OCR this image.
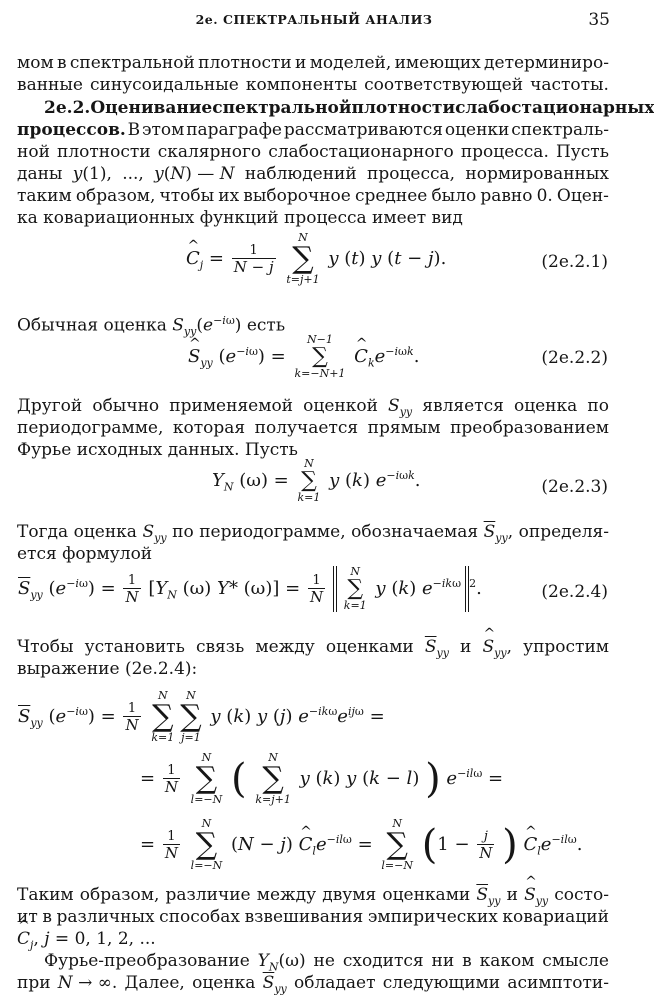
2е. СПЕКТРАЛЬНЫЙ АНАЛИЗ	35
мом в спектральной плотности и моделей, имеющих детерминиро-
ванные синусоидальные компоненты соответствующей частоты.
2е.2. Оценивание спектральной плотности слабостационарных
процессов. В этом параграфе рассматриваются оценки спектраль-
ной плотности скалярного слабостационарного процесса. Пусть
даны y(1), ..., y(N) — N наблюдений процесса, нормированных
таким образом, чтобы их выборочное среднее было равно 0. Оцен-
ка ковариационных функций процесса имеет вид
^ $C_j = \frac{1}{N - j}$

N
∑
t=j+1
y (t) y (t − j).	(2е.2.1)
Обычная оценка $S_{yy}(e^{-i\omega})$ есть
^ $S_{yy}$ $(e^{-i\omega})$ =
N−1
∑
k=−N+1
^ $C_ke^{-i\omega k}$.	(2е.2.2)
Другой обычно применяемой оценкой $S_{yy}$ является оценка по
периодограмме, которая получается прямым преобразованием
Фурье исходных данных. Пусть
$Y_N$ (ω) =
N
∑
k=1
y (k) $e^{-i\omega k}$.	(2е.2.3)
Тогда оценка $S_{yy}$ по периодограмме, обозначаемая $\overline{S}_{yy}$, определя-
ется формулой
$\overline{S}_{yy}$ $(e^{-i\omega}) = \frac{1}{N} [Y_N$ (ω) Y* $(\omega)] = \frac{1}{N}$

N
∑
k=1
y (k) $e^{-ik\omega}$ $^2$.	(2е.2.4)
Чтобы установить связь между оценками $\overline{S}_{yy}$ и ^ $S_{yy}$, упростим
выражение (2е.2.4):
$\overline{S}_{yy}$ $(e^{-i\omega}) = \frac{1}{N}$

N
∑
k=1
N
∑
j=1
y (k) y (j) $e^{-ik\omega}e^{ij\omega}$ =
= $\frac{1}{N}$

N
∑
l=−N ( N
∑
k=j+1
y (k) y (k − l) ) $e^{-il\omega}$ =
= $\frac{1}{N}$

N
∑
l=−N
(N − j) ^ $C_le^{-il\omega}$ =
N
∑
l=−N ($1 - \frac{j}{N}$ ) ^ $C_le^{-il\omega}$.
Таким образом, различие между двумя оценками $\overline{S}_{yy}$ и ^ $S_{yy}$ состо-
ит в различных способах взвешивания эмпирических ковариаций
^ $C_j$, j = 0, 1, 2, ...
Фурье-преобразование $Y_N(\omega)$ не сходится ни в каком смысле
при N → ∞. Далее, оценка $\overline{S}_{yy}$ обладает следующими асимптоти-
